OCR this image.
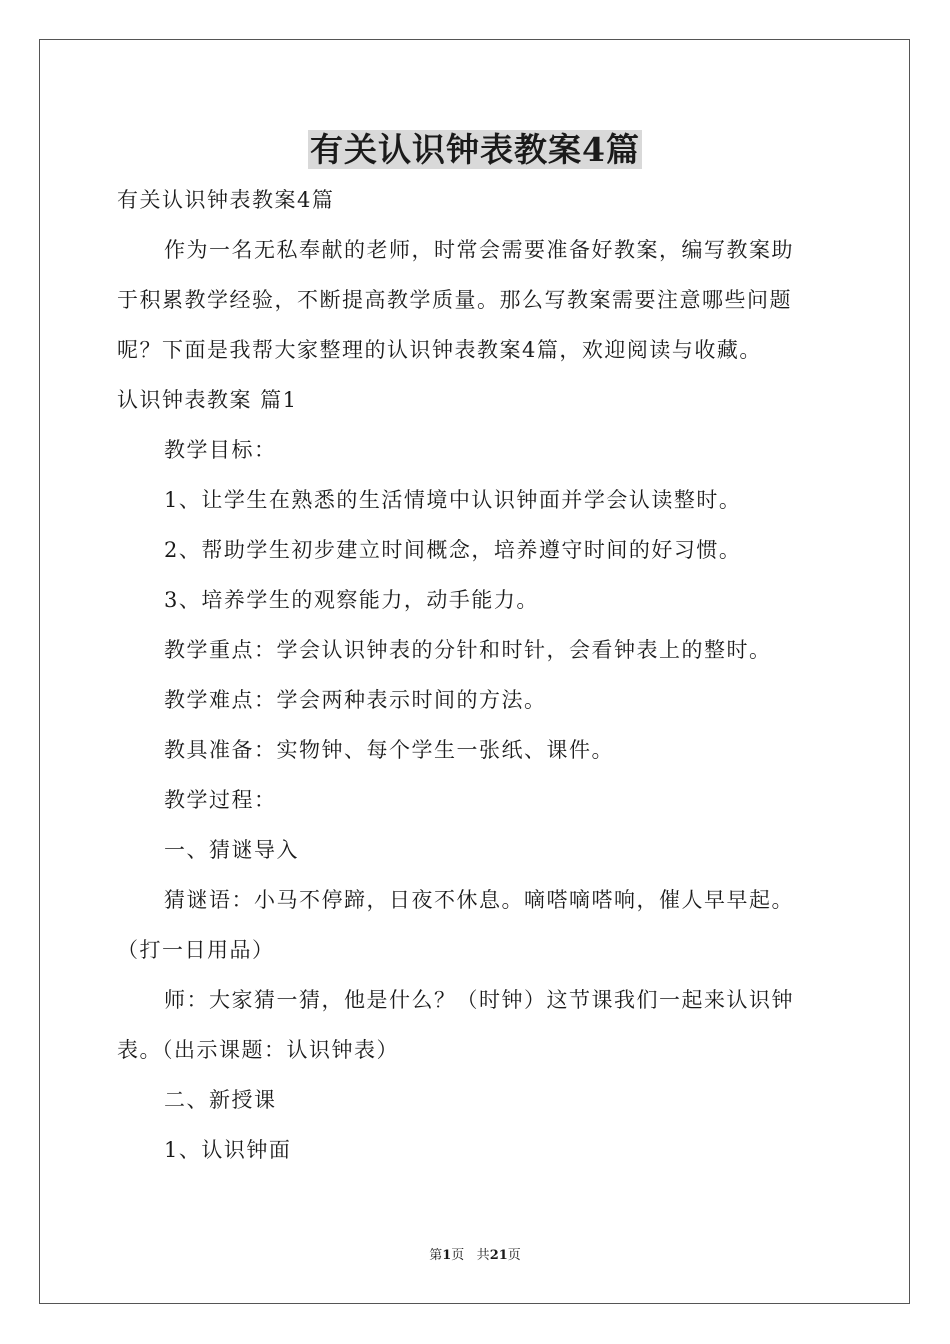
有关认识钟表教案4篇

有关认识钟表教案4篇

作为一名无私奉献的老师，时常会需要准备好教案，编写教案助

于积累教学经验，不断提高教学质量。那么写教案需要注意哪些问题

呢？下面是我帮大家整理的认识钟表教案4篇，欢迎阅读与收藏。

认识钟表教案 篇1

教学目标：

1、让学生在熟悉的生活情境中认识钟面并学会认读整时。

2、帮助学生初步建立时间概念，培养遵守时间的好习惯。

3、培养学生的观察能力，动手能力。

教学重点：学会认识钟表的分针和时针，会看钟表上的整时。

教学难点：学会两种表示时间的方法。

教具准备：实物钟、每个学生一张纸、课件。

教学过程：

一、猜谜导入

猜谜语：小马不停蹄，日夜不休息。嘀嗒嘀嗒响，催人早早起。

（打一日用品）

师：大家猜一猜，他是什么？（时钟）这节课我们一起来认识钟

表。（出示课题：认识钟表）

二、新授课

1、认识钟面

第1页 共21页
